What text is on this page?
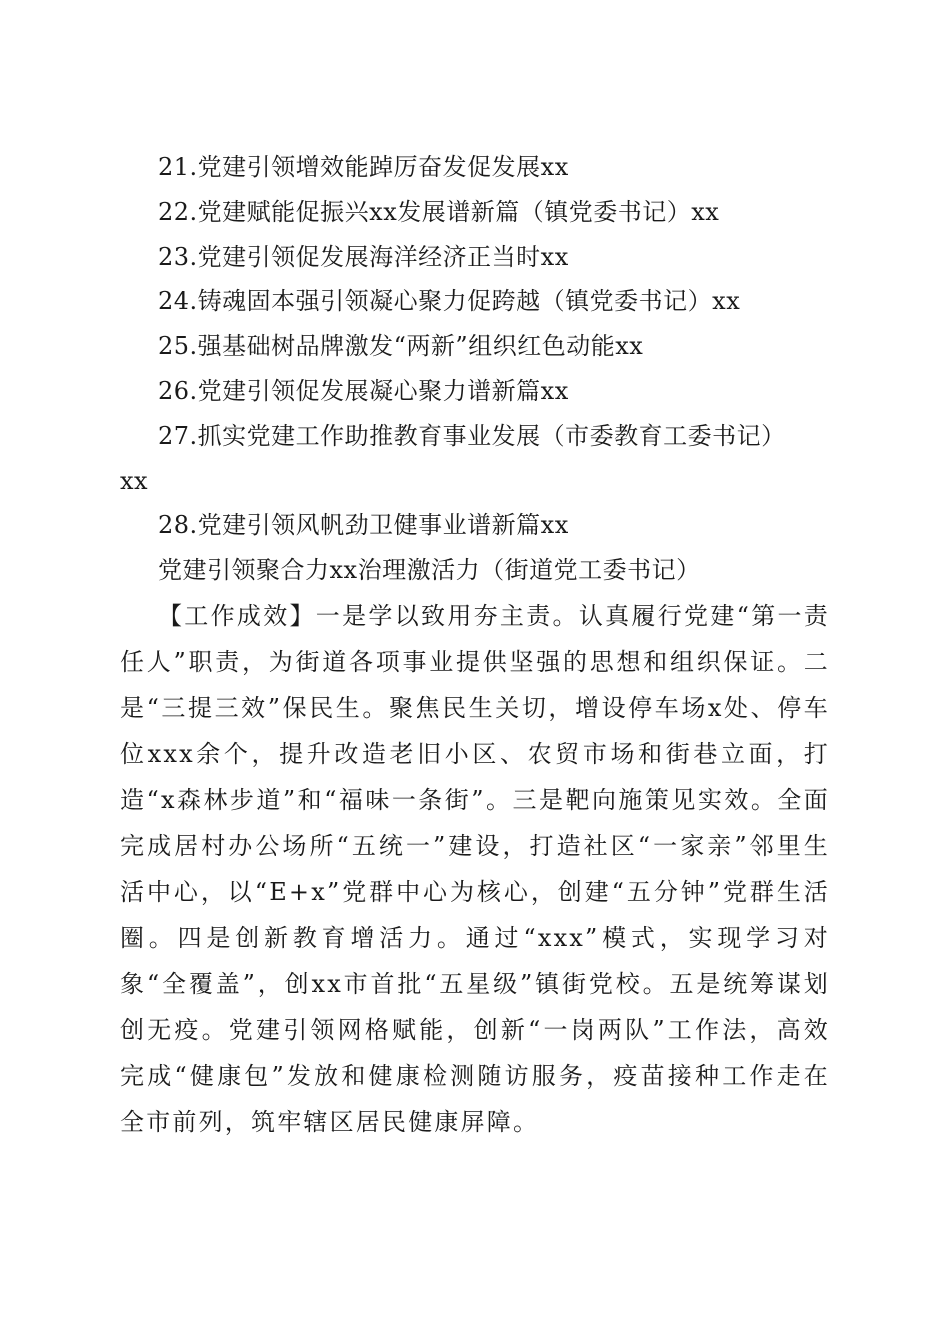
21.党建引领增效能踔厉奋发促发展xx
22.党建赋能促振兴xx发展谱新篇（镇党委书记）xx
23.党建引领促发展海洋经济正当时xx
24.铸魂固本强引领凝心聚力促跨越（镇党委书记）xx
25.强基础树品牌激发“两新”组织红色动能xx
26.党建引领促发展凝心聚力谱新篇xx
27.抓实党建工作助推教育事业发展（市委教育工委书记）
xx
28.党建引领风帆劲卫健事业谱新篇xx
党建引领聚合力xx治理激活力（街道党工委书记）

【工作成效】一是学以致用夯主责。认真履行党建“第一责任人”职责，为街道各项事业提供坚强的思想和组织保证。二是“三提三效”保民生。聚焦民生关切，增设停车场x处、停车位xxx余个，提升改造老旧小区、农贸市场和街巷立面，打造“x森林步道”和“福味一条街”。三是靶向施策见实效。全面完成居村办公场所“五统一”建设，打造社区“一家亲”邻里生活中心，以“E+x”党群中心为核心，创建“五分钟”党群生活圈。四是创新教育增活力。通过“xxx”模式，实现学习对象“全覆盖”，创xx市首批“五星级”镇街党校。五是统筹谋划创无疫。党建引领网格赋能，创新“一岗两队”工作法，高效完成“健康包”发放和健康检测随访服务，疫苗接种工作走在全市前列，筑牢辖区居民健康屏障。
